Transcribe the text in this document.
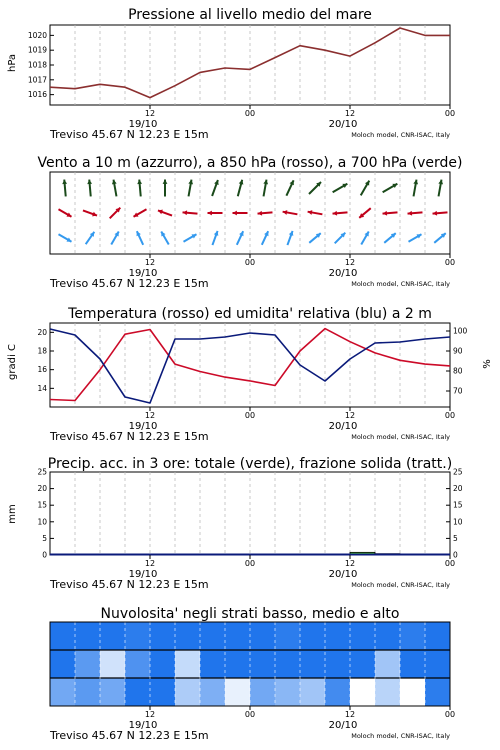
Pressione al livello medio del mare
hPa
1016
1017
1018
1019
1020
12	00	12	00
19/10	20/10
Treviso 45.67 N 12.23 E 15m	Moloch model, CNR-ISAC, Italy
Vento a 10 m (azzurro), a 850 hPa (rosso), a 700 hPa (verde)
12	00	12	00
19/10	20/10
Treviso 45.67 N 12.23 E 15m	Moloch model, CNR-ISAC, Italy
Temperatura (rosso) ed umidita' relativa (blu) a 2 m
gradi C	%
14
16
18
20
70
80
90
100
12	00	12	00
19/10	20/10
Treviso 45.67 N 12.23 E 15m	Moloch model, CNR-ISAC, Italy
Precip. acc. in 3 ore: totale (verde), frazione solida (tratt.)
mm
0
5
10
15
20
25
0
5
10
15
20
25
12	00	12	00
19/10	20/10
Treviso 45.67 N 12.23 E 15m	Moloch model, CNR-ISAC, Italy
Nuvolosita' negli strati basso, medio e alto
12	00	12	00
19/10	20/10
Treviso 45.67 N 12.23 E 15m	Moloch model, CNR-ISAC, Italy
